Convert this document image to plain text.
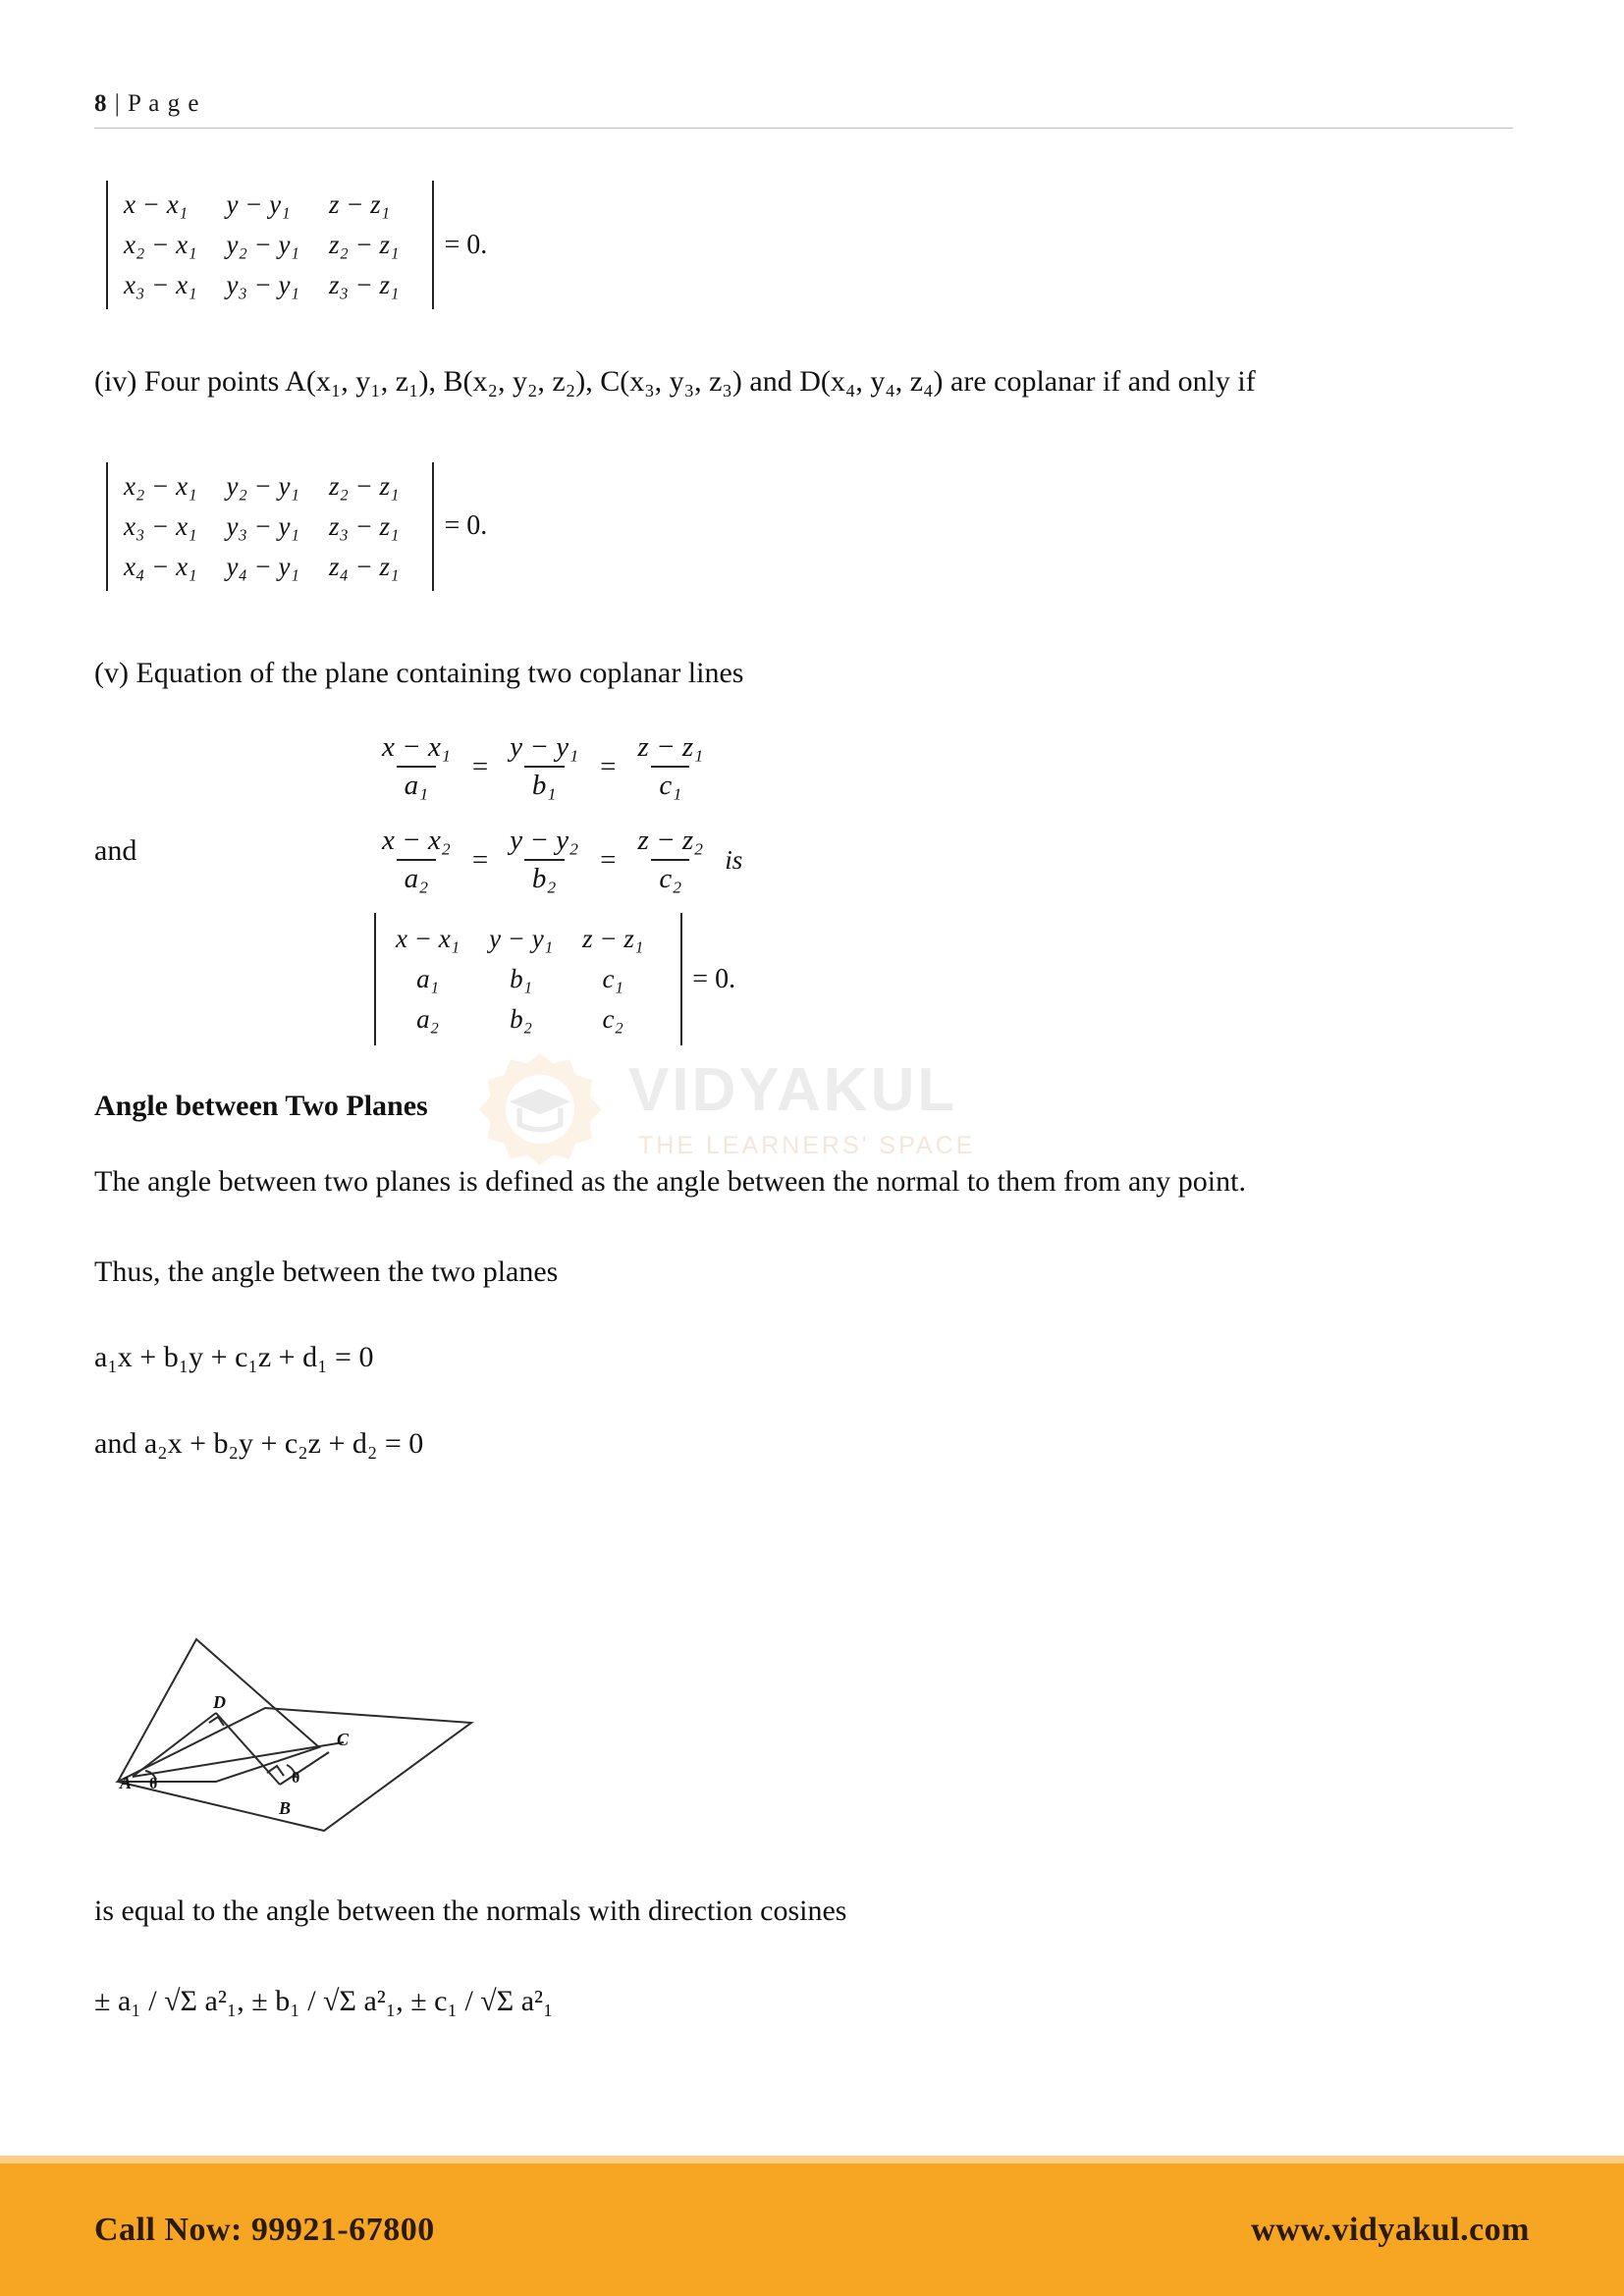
8 | P a g e
VIDYAKUL
THE LEARNERS' SPACE
x − x₁	y − y₁	z − z₁
x₂ − x₁	y₂ − y₁	z₂ − z₁
x₃ − x₁	y₃ − y₁	z₃ − z₁
= 0.

(iv) Four points A(x₁, y₁, z₁), B(x₂, y₂, z₂), C(x₃, y₃, z₃) and D(x₄, y₄, z₄) are coplanar if and only if

x₂ − x₁	y₂ − y₁	z₂ − z₁
x₃ − x₁	y₃ − y₁	z₃ − z₁
x₄ − x₁	y₄ − y₁	z₄ − z₁
= 0.

(v) Equation of the plane containing two coplanar lines

$\frac{\text{x − x₁}}{\text{a₁}} = \frac{\text{y − y₁}}{\text{b₁}} = \frac{\text{z − z₁}}{\text{c₁}}$
and	$\frac{\text{x − x₂}}{\text{a₂}} = \frac{\text{y − y₂}}{\text{b₂}} = \frac{\text{z − z₂}}{\text{c₂}}$ is
x − x₁	y − y₁	z − z₁
a₁	b₁	c₁
a₂	b₂	c₂
= 0.

Angle between Two Planes

The angle between two planes is defined as the angle between the normal to them from any point.

Thus, the angle between the two planes

a₁x + b₁y + c₁z + d₁ = 0

and a₂x + b₂y + c₂z + d₂ = 0

A
B
C
D
θ	θ

is equal to the angle between the normals with direction cosines

± a₁ / √Σ a²₁, ± b₁ / √Σ a²₁, ± c₁ / √Σ a²₁

Call Now: 99921-67800	www.vidyakul.com
